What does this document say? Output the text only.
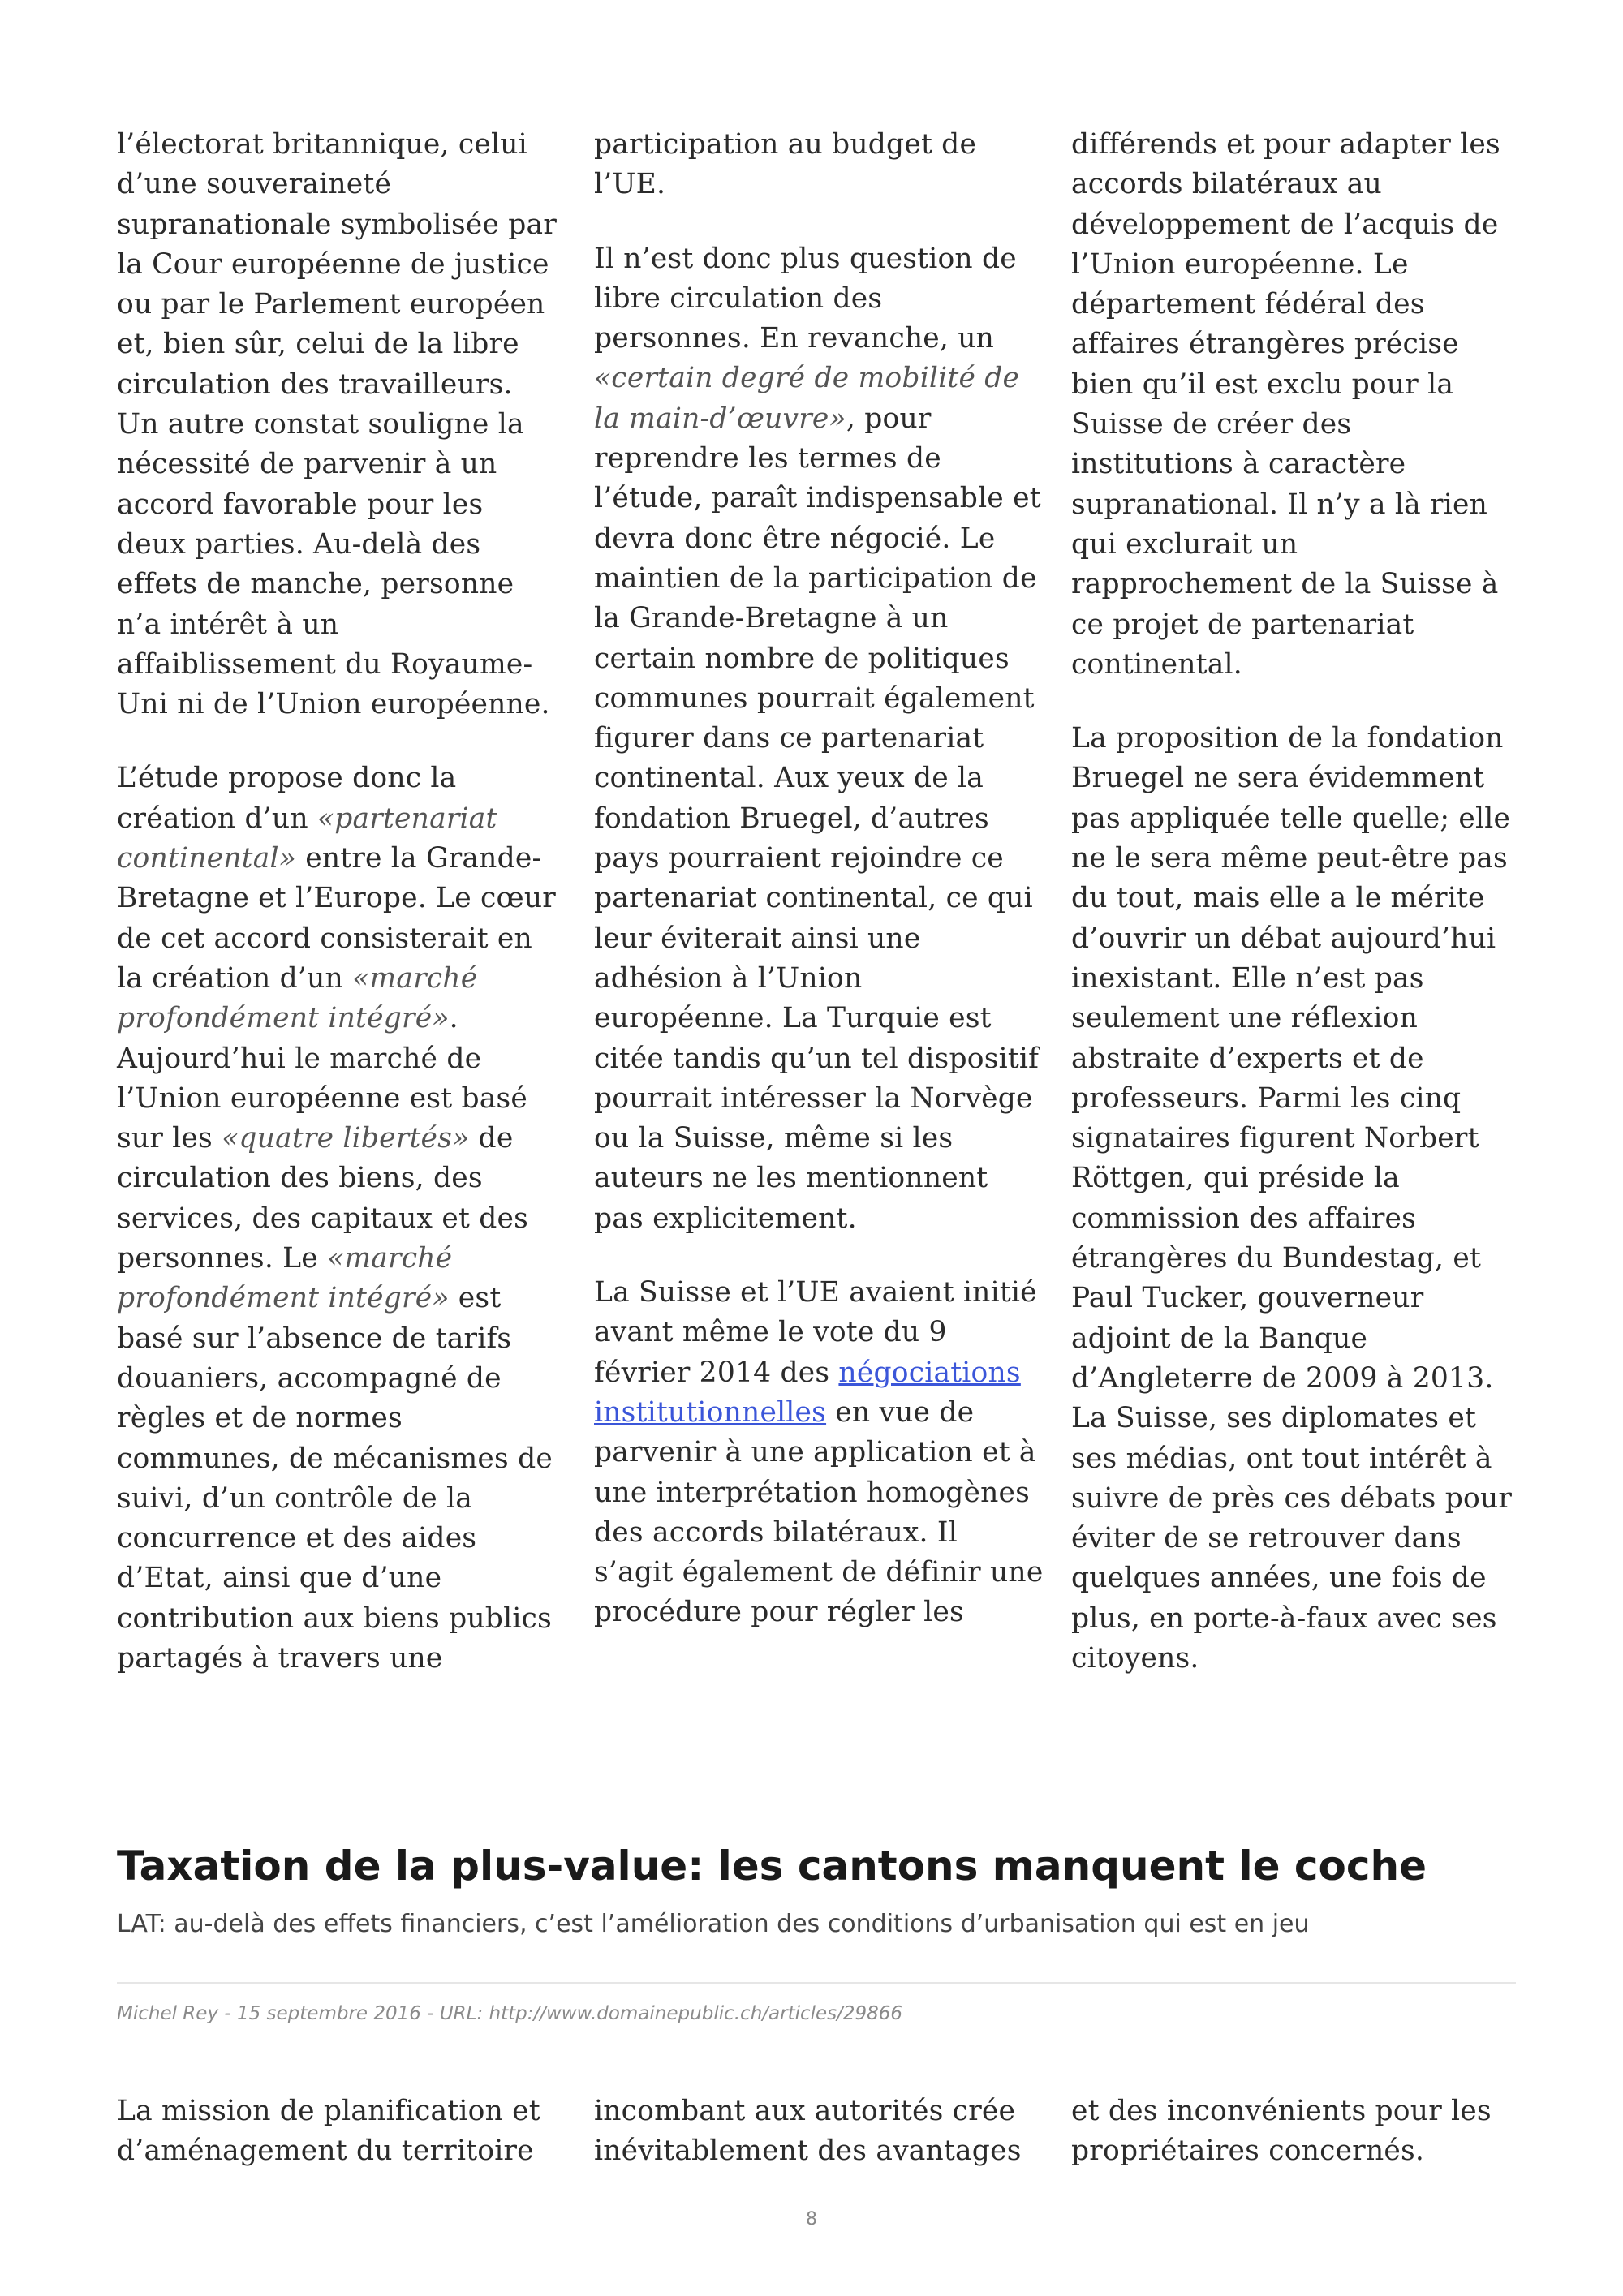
l’électorat britannique, celui d’une souveraineté supranationale symbolisée par la Cour européenne de justice ou par le Parlement européen et, bien sûr, celui de la libre circulation des travailleurs. Un autre constat souligne la nécessité de parvenir à un accord favorable pour les deux parties. Au-delà des effets de manche, personne n’a intérêt à un affaiblissement du Royaume-Uni ni de l’Union européenne.

L’étude propose donc la création d’un «partenariat continental» entre la Grande-Bretagne et l’Europe. Le cœur de cet accord consisterait en la création d’un «marché profondément intégré». Aujourd’hui le marché de l’Union européenne est basé sur les «quatre libertés» de circulation des biens, des services, des capitaux et des personnes. Le «marché profondément intégré» est basé sur l’absence de tarifs douaniers, accompagné de règles et de normes communes, de mécanismes de suivi, d’un contrôle de la concurrence et des aides d’Etat, ainsi que d’une contribution aux biens publics partagés à travers une

participation au budget de l’UE.

Il n’est donc plus question de libre circulation des personnes. En revanche, un «certain degré de mobilité de la main-d’œuvre», pour reprendre les termes de l’étude, paraît indispensable et devra donc être négocié. Le maintien de la participation de la Grande-Bretagne à un certain nombre de politiques communes pourrait également figurer dans ce partenariat continental. Aux yeux de la fondation Bruegel, d’autres pays pourraient rejoindre ce partenariat continental, ce qui leur éviterait ainsi une adhésion à l’Union européenne. La Turquie est citée tandis qu’un tel dispositif pourrait intéresser la Norvège ou la Suisse, même si les auteurs ne les mentionnent pas explicitement.

La Suisse et l’UE avaient initié avant même le vote du 9 février 2014 des négociations institutionnelles en vue de parvenir à une application et à une interprétation homogènes des accords bilatéraux. Il s’agit également de définir une procédure pour régler les

différends et pour adapter les accords bilatéraux au développement de l’acquis de l’Union européenne. Le département fédéral des affaires étrangères précise bien qu’il est exclu pour la Suisse de créer des institutions à caractère supranational. Il n’y a là rien qui exclurait un rapprochement de la Suisse à ce projet de partenariat continental.

La proposition de la fondation Bruegel ne sera évidemment pas appliquée telle quelle; elle ne le sera même peut-être pas du tout, mais elle a le mérite d’ouvrir un débat aujourd’hui inexistant. Elle n’est pas seulement une réflexion abstraite d’experts et de professeurs. Parmi les cinq signataires figurent Norbert Röttgen, qui préside la commission des affaires étrangères du Bundestag, et Paul Tucker, gouverneur adjoint de la Banque d’Angleterre de 2009 à 2013. La Suisse, ses diplomates et ses médias, ont tout intérêt à suivre de près ces débats pour éviter de se retrouver dans quelques années, une fois de plus, en porte-à-faux avec ses citoyens.

Taxation de la plus-value: les cantons manquent le coche

LAT: au-delà des effets financiers, c’est l’amélioration des conditions d’urbanisation qui est en jeu

Michel Rey - 15 septembre 2016 - URL: http://www.domainepublic.ch/articles/29866

La mission de planification et d’aménagement du territoire

incombant aux autorités crée inévitablement des avantages

et des inconvénients pour les propriétaires concernés.

8
